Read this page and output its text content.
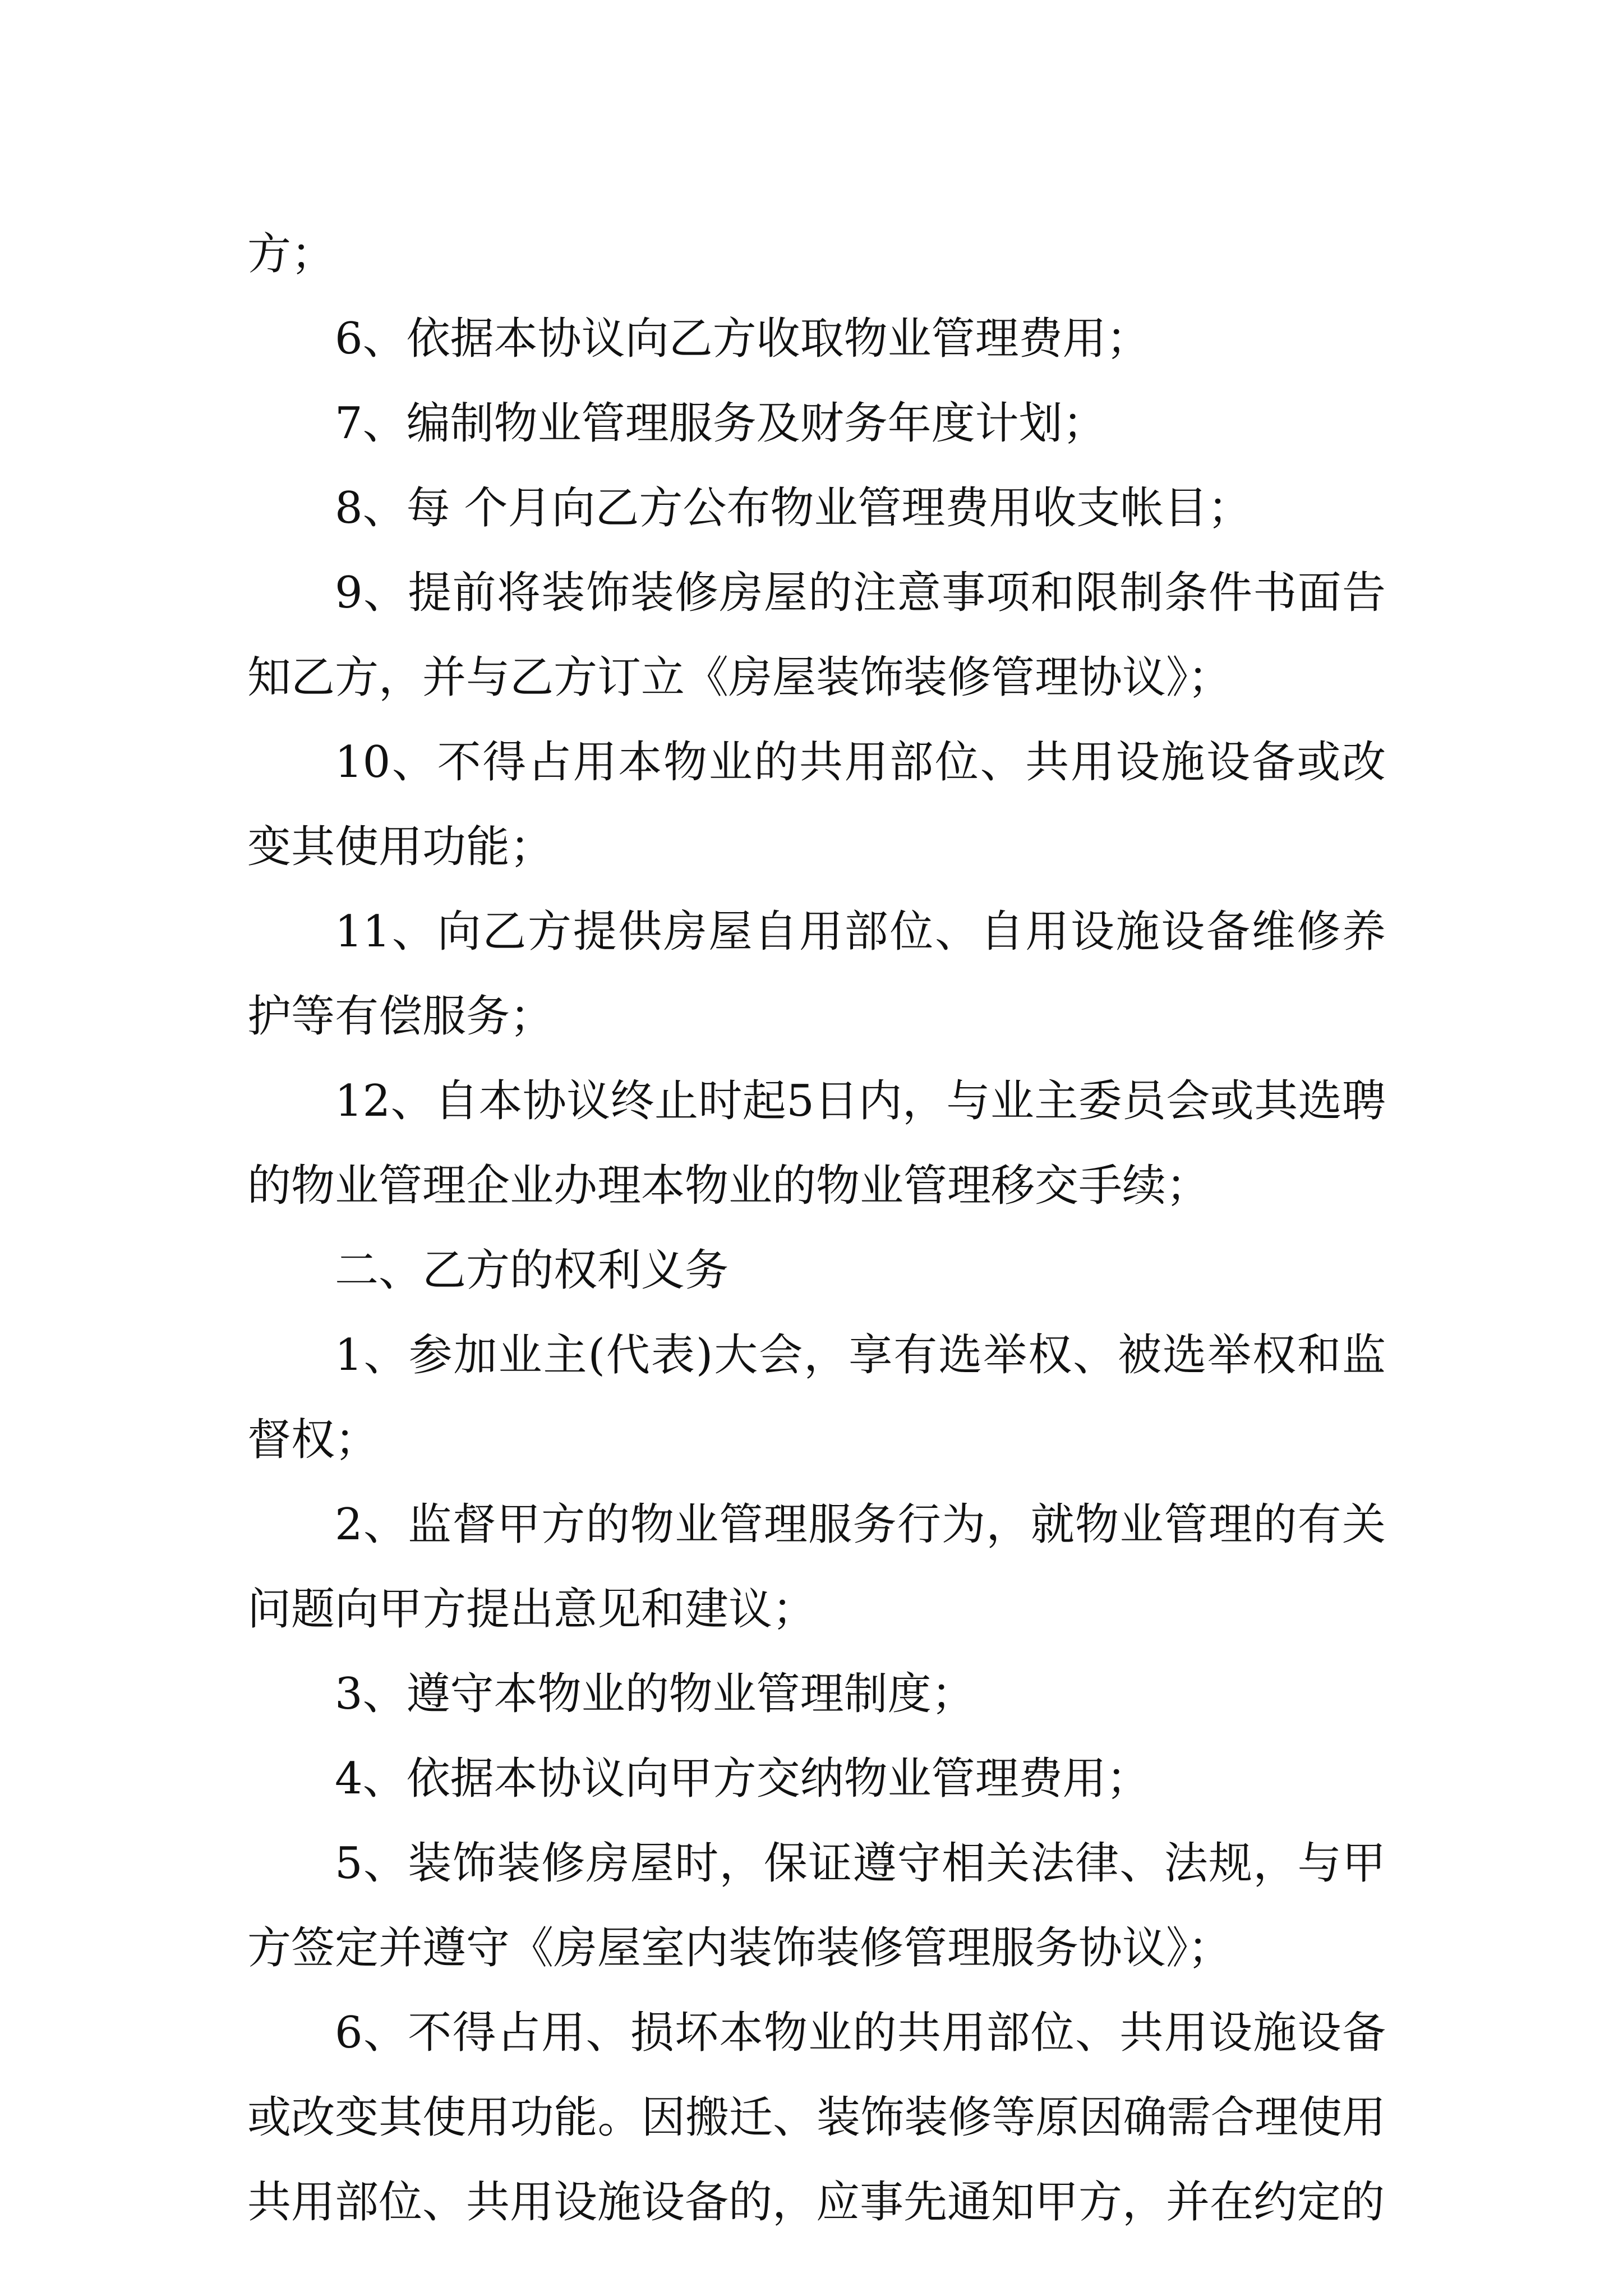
方；

6、依据本协议向乙方收取物业管理费用；

7、编制物业管理服务及财务年度计划；

8、每 个月向乙方公布物业管理费用收支帐目；

9、提前将装饰装修房屋的注意事项和限制条件书面告知乙方，并与乙方订立《房屋装饰装修管理协议》；

10、不得占用本物业的共用部位、共用设施设备或改变其使用功能；

11、向乙方提供房屋自用部位、自用设施设备维修养护等有偿服务；

12、自本协议终止时起5日内，与业主委员会或其选聘的物业管理企业办理本物业的物业管理移交手续；

二、乙方的权利义务

1、参加业主(代表)大会，享有选举权、被选举权和监督权；

2、监督甲方的物业管理服务行为，就物业管理的有关问题向甲方提出意见和建议；

3、遵守本物业的物业管理制度；

4、依据本协议向甲方交纳物业管理费用；

5、装饰装修房屋时，保证遵守相关法律、法规，与甲方签定并遵守《房屋室内装饰装修管理服务协议》；

6、不得占用、损坏本物业的共用部位、共用设施设备或改变其使用功能。因搬迁、装饰装修等原因确需合理使用共用部位、共用设施设备的，应事先通知甲方，并在约定的
